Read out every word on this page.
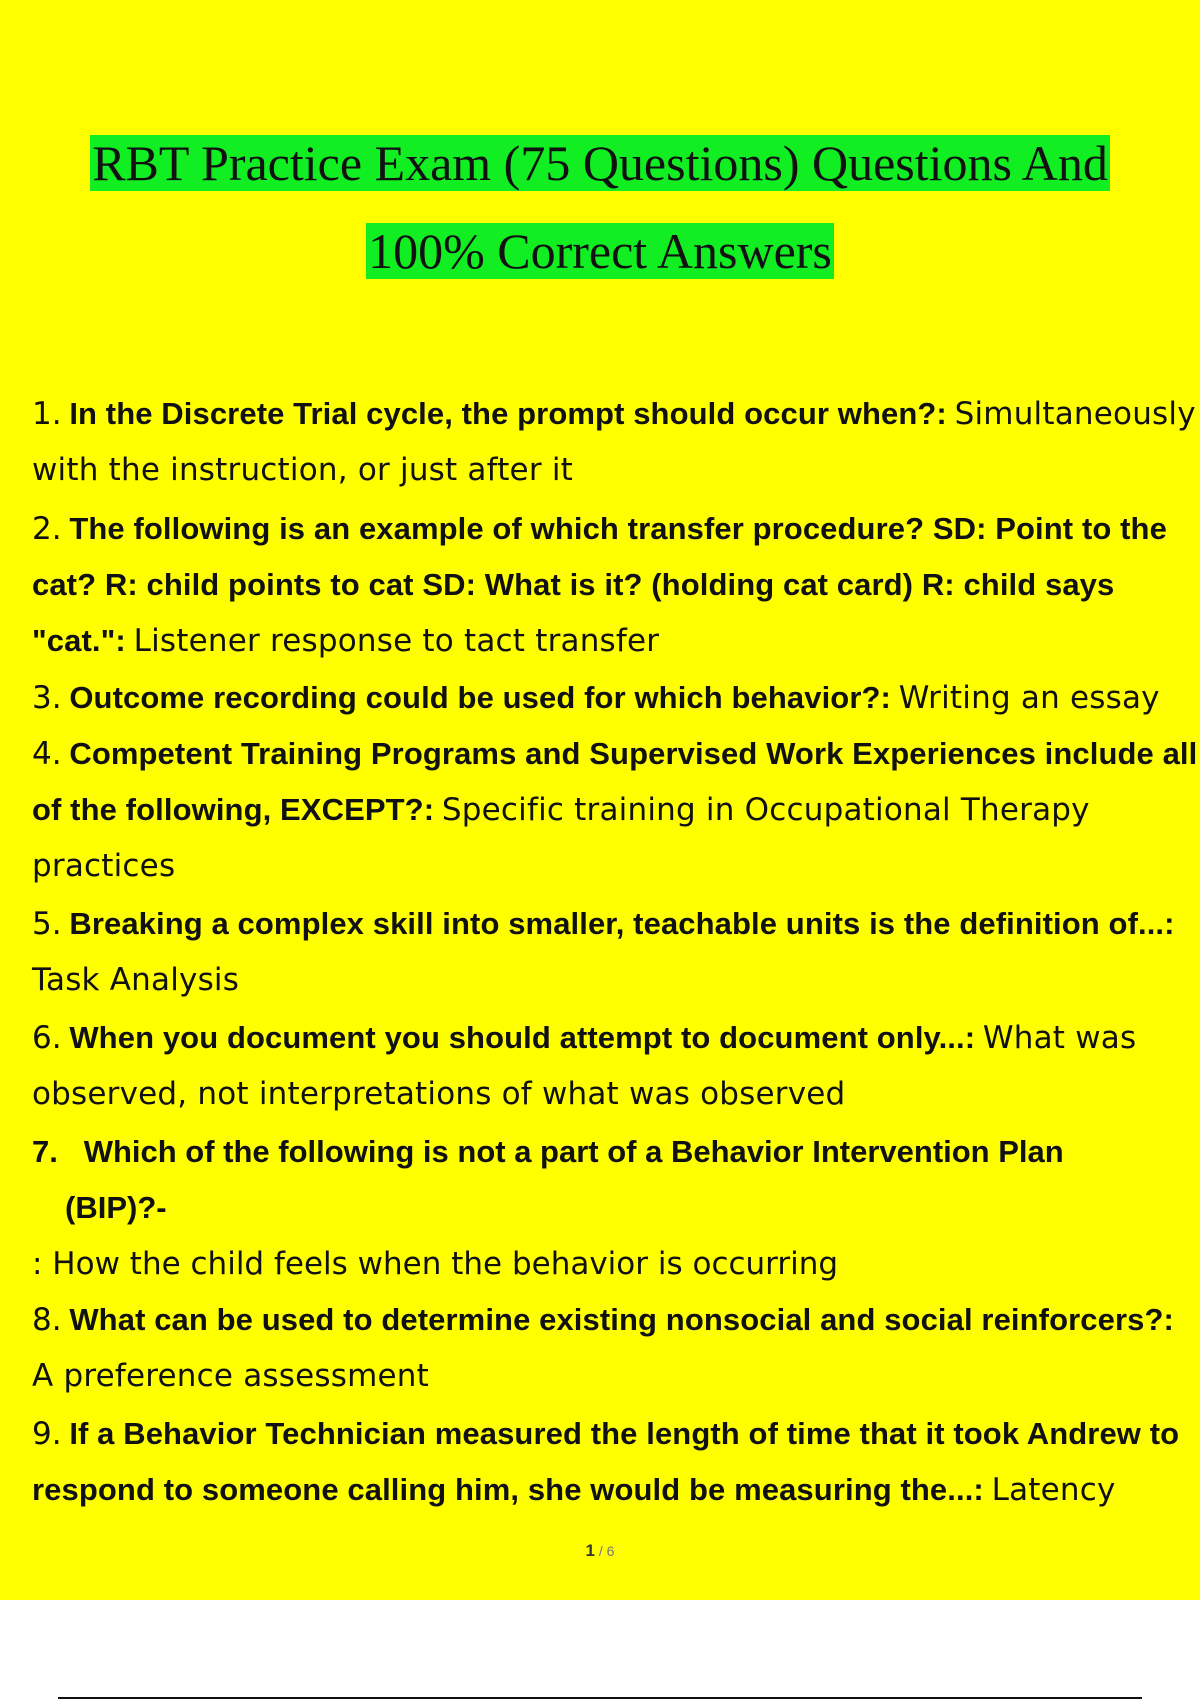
RBT Practice Exam (75 Questions) Questions And
100% Correct Answers
1. In the Discrete Trial cycle, the prompt should occur when?: Simultaneously with the instruction, or just after it
2. The following is an example of which transfer procedure? SD: Point to the cat? R: child points to cat SD: What is it? (holding cat card) R: child says "cat.": Listener response to tact transfer
3. Outcome recording could be used for which behavior?: Writing an essay
4. Competent Training Programs and Supervised Work Experiences include all of the following, EXCEPT?: Specific training in Occupational Therapy practices
5. Breaking a complex skill into smaller, teachable units is the definition of...: Task Analysis
6. When you document you should attempt to document only...: What was observed, not interpretations of what was observed
7. Which of the following is not a part of a Behavior Intervention Plan
(BIP)?-
: How the child feels when the behavior is occurring
8. What can be used to determine existing nonsocial and social reinforcers?: A preference assessment
9. If a Behavior Technician measured the length of time that it took Andrew to respond to someone calling him, she would be measuring the...: Latency
1 / 6
